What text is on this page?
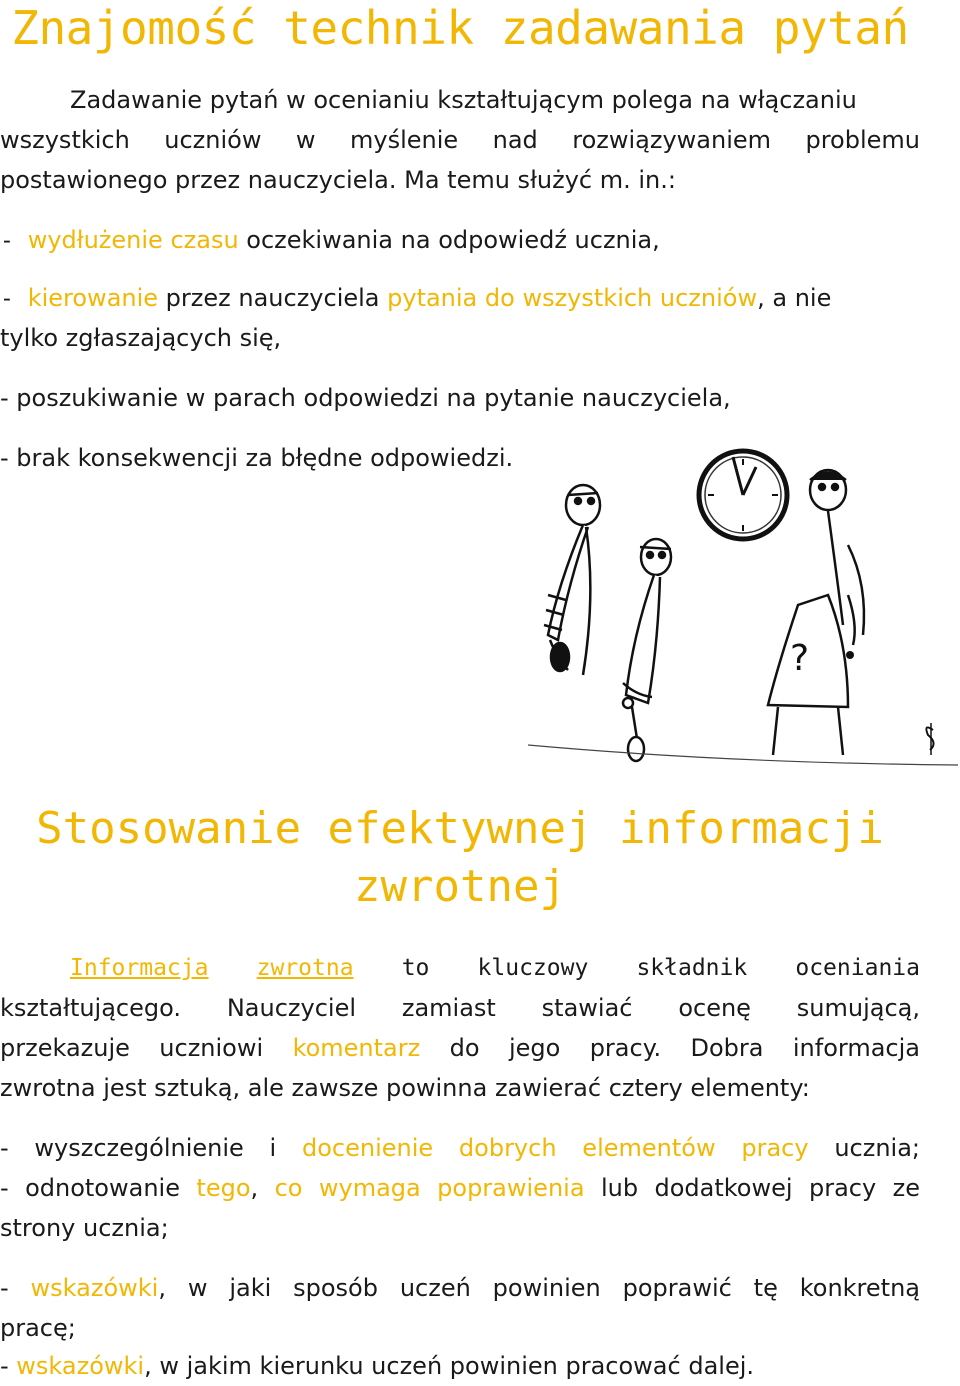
Znajomość technik zadawania pytań

Zadawanie pytań w ocenianiu kształtującym polega na włączaniu

wszystkich uczniów w myślenie nad rozwiązywaniem problemu

postawionego przez nauczyciela. Ma temu służyć m. in.:

- wydłużenie czasu oczekiwania na odpowiedź ucznia,

- kierowanie przez nauczyciela pytania do wszystkich uczniów, a nie

tylko zgłaszających się,

- poszukiwanie w parach odpowiedzi na pytanie nauczyciela,

- brak konsekwencji za błędne odpowiedzi.

?
Stosowanie efektywnej informacji
zwrotnej

Informacja zwrotna to kluczowy składnik oceniania

kształtującego. Nauczyciel zamiast stawiać ocenę sumującą,

przekazuje uczniowi komentarz do jego pracy. Dobra informacja

zwrotna jest sztuką, ale zawsze powinna zawierać cztery elementy:

- wyszczególnienie i docenienie dobrych elementów pracy ucznia;

- odnotowanie tego, co wymaga poprawienia lub dodatkowej pracy ze

strony ucznia;

- wskazówki, w jaki sposób uczeń powinien poprawić tę konkretną

pracę;

- wskazówki, w jakim kierunku uczeń powinien pracować dalej.
